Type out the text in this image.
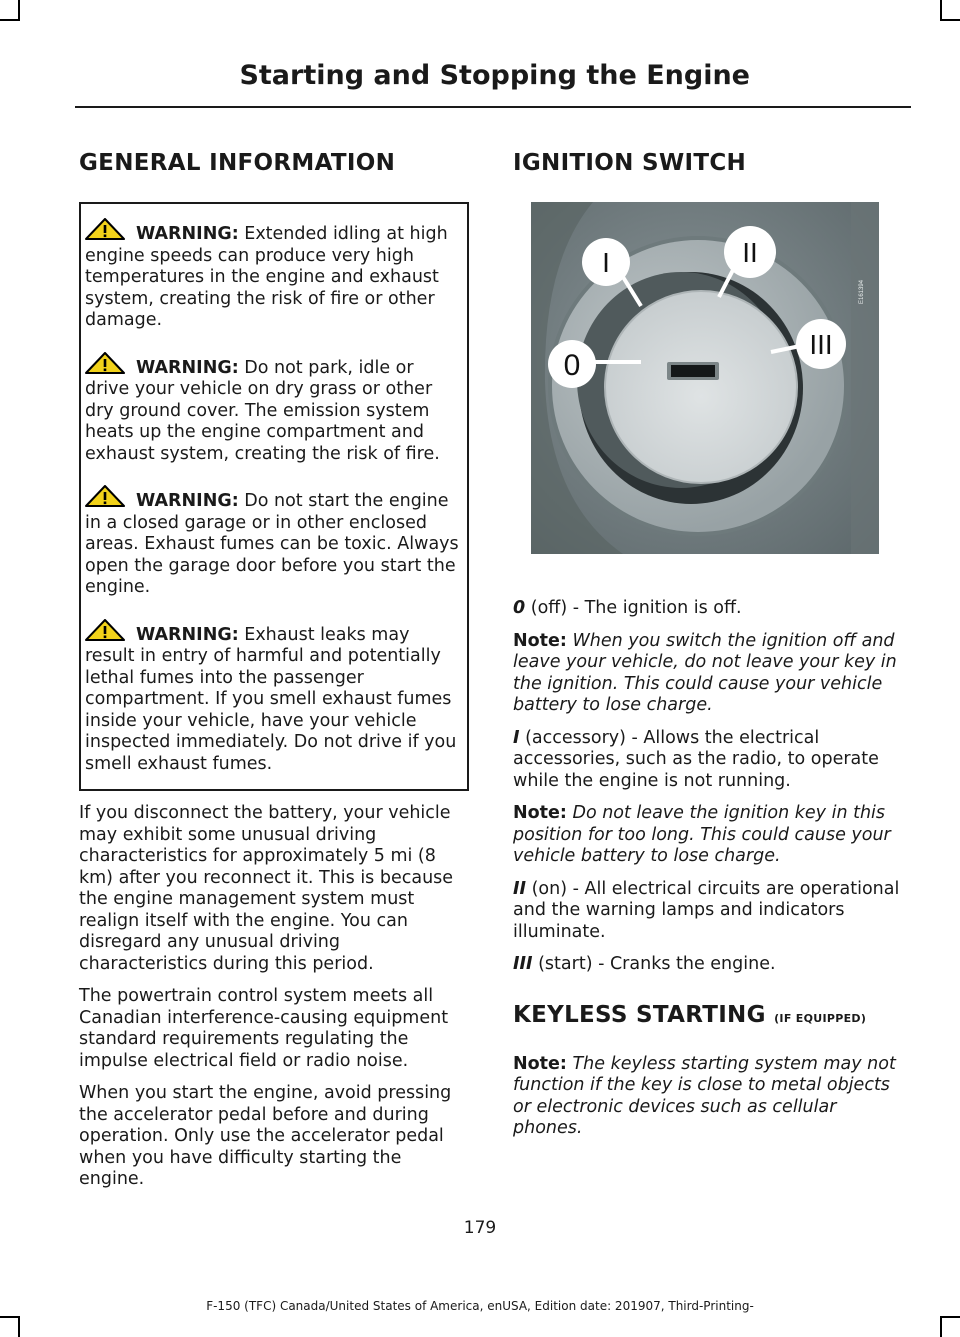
Starting and Stopping the Engine
GENERAL INFORMATION
WARNING: Extended idling at high engine speeds can produce very high temperatures in the engine and exhaust system, creating the risk of fire or other damage.
WARNING: Do not park, idle or drive your vehicle on dry grass or other dry ground cover. The emission system heats up the engine compartment and exhaust system, creating the risk of fire.
WARNING: Do not start the engine in a closed garage or in other enclosed areas. Exhaust fumes can be toxic. Always open the garage door before you start the engine.
WARNING: Exhaust leaks may result in entry of harmful and potentially lethal fumes into the passenger compartment. If you smell exhaust fumes inside your vehicle, have your vehicle inspected immediately. Do not drive if you smell exhaust fumes.

If you disconnect the battery, your vehicle may exhibit some unusual driving characteristics for approximately 5 mi (8 km) after you reconnect it. This is because the engine management system must realign itself with the engine. You can disregard any unusual driving characteristics during this period.

The powertrain control system meets all Canadian interference-causing equipment standard requirements regulating the impulse electrical field or radio noise.

When you start the engine, avoid pressing the accelerator pedal before and during operation. Only use the accelerator pedal when you have difficulty starting the engine.

IGNITION SWITCH
0
I	II
III
E161394

0 (off) - The ignition is off.

Note: When you switch the ignition off and leave your vehicle, do not leave your key in the ignition. This could cause your vehicle battery to lose charge.

I (accessory) - Allows the electrical accessories, such as the radio, to operate while the engine is not running.

Note: Do not leave the ignition key in this position for too long. This could cause your vehicle battery to lose charge.

II (on) - All electrical circuits are operational and the warning lamps and indicators illuminate.

III (start) - Cranks the engine.

KEYLESS STARTING (IF EQUIPPED)

Note: The keyless starting system may not function if the key is close to metal objects or electronic devices such as cellular phones.

179
F-150 (TFC) Canada/United States of America, enUSA, Edition date: 201907, Third-Printing-
